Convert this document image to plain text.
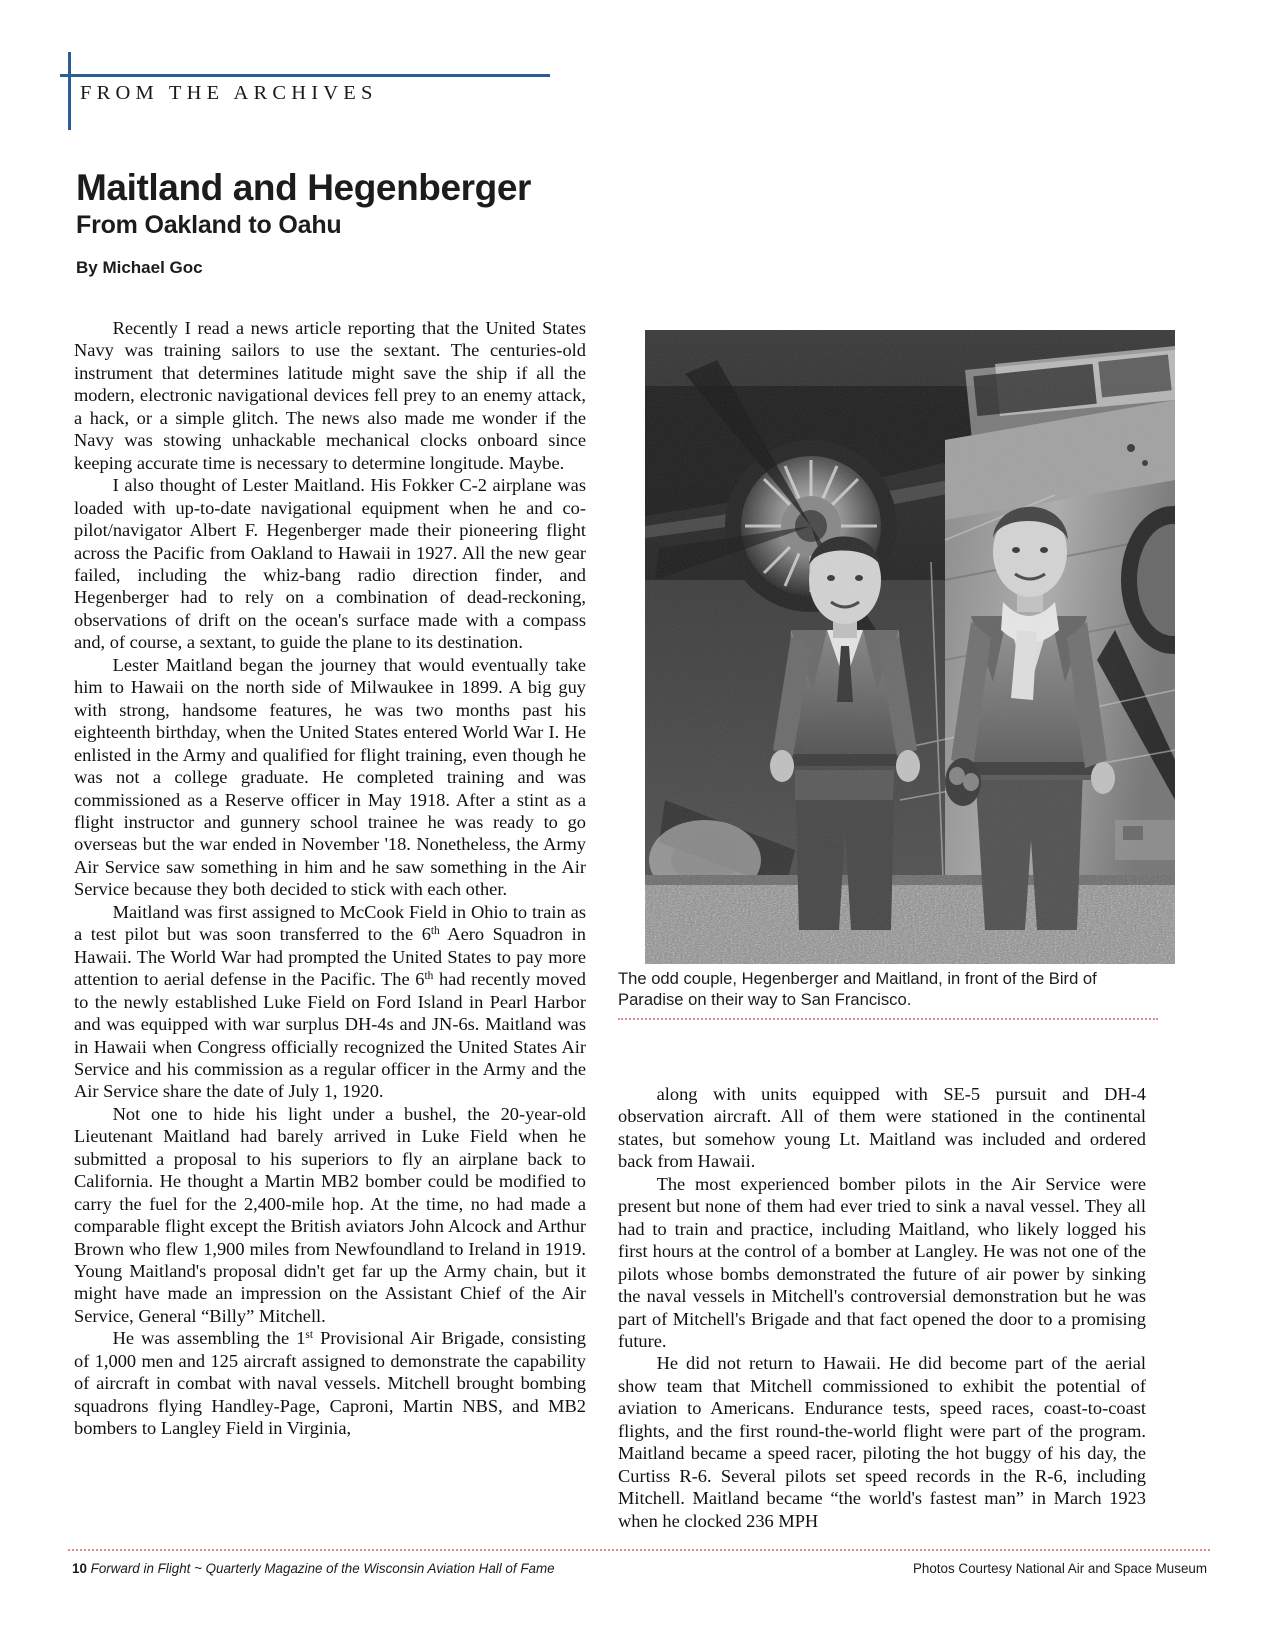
FROM THE ARCHIVES
Maitland and Hegenberger
From Oakland to Oahu
By Michael Goc
The odd couple, Hegenberger and Maitland, in front of the Bird of Paradise on their way to San Francisco.

Recently I read a news article reporting that the United States Navy was training sailors to use the sextant. The centuries-old instrument that determines latitude might save the ship if all the modern, electronic navigational devices fell prey to an enemy attack, a hack, or a simple glitch. The news also made me wonder if the Navy was stowing unhackable mechanical clocks onboard since keeping accurate time is necessary to determine longitude. Maybe.

I also thought of Lester Maitland. His Fokker C-2 airplane was loaded with up-to-date navigational equipment when he and co-pilot/navigator Albert F. Hegenberger made their pioneering flight across the Pacific from Oakland to Hawaii in 1927. All the new gear failed, including the whiz-bang radio direction finder, and Hegenberger had to rely on a combination of dead-reckoning, observations of drift on the ocean's surface made with a compass and, of course, a sextant, to guide the plane to its destination.

Lester Maitland began the journey that would eventually take him to Hawaii on the north side of Milwaukee in 1899. A big guy with strong, handsome features, he was two months past his eighteenth birthday, when the United States entered World War I. He enlisted in the Army and qualified for flight training, even though he was not a college graduate. He completed training and was commissioned as a Reserve officer in May 1918. After a stint as a flight instructor and gunnery school trainee he was ready to go overseas but the war ended in November '18. Nonetheless, the Army Air Service saw something in him and he saw something in the Air Service because they both decided to stick with each other.

Maitland was first assigned to McCook Field in Ohio to train as a test pilot but was soon transferred to the 6th Aero Squadron in Hawaii. The World War had prompted the United States to pay more attention to aerial defense in the Pacific. The 6th had recently moved to the newly established Luke Field on Ford Island in Pearl Harbor and was equipped with war surplus DH-4s and JN-6s. Maitland was in Hawaii when Congress officially recognized the United States Air Service and his commission as a regular officer in the Army and the Air Service share the date of July 1, 1920.

Not one to hide his light under a bushel, the 20-year-old Lieutenant Maitland had barely arrived in Luke Field when he submitted a proposal to his superiors to fly an airplane back to California. He thought a Martin MB2 bomber could be modified to carry the fuel for the 2,400-mile hop. At the time, no had made a comparable flight except the British aviators John Alcock and Arthur Brown who flew 1,900 miles from Newfoundland to Ireland in 1919. Young Maitland's proposal didn't get far up the Army chain, but it might have made an impression on the Assistant Chief of the Air Service, General “Billy” Mitchell.

He was assembling the 1st Provisional Air Brigade, consisting of 1,000 men and 125 aircraft assigned to demonstrate the capability of aircraft in combat with naval vessels. Mitchell brought bombing squadrons flying Handley-Page, Caproni, Martin NBS, and MB2 bombers to Langley Field in Virginia,

along with units equipped with SE-5 pursuit and DH-4 observation aircraft. All of them were stationed in the continental states, but somehow young Lt. Maitland was included and ordered back from Hawaii.

The most experienced bomber pilots in the Air Service were present but none of them had ever tried to sink a naval vessel. They all had to train and practice, including Maitland, who likely logged his first hours at the control of a bomber at Langley. He was not one of the pilots whose bombs demonstrated the future of air power by sinking the naval vessels in Mitchell's controversial demonstration but he was part of Mitchell's Brigade and that fact opened the door to a promising future.

He did not return to Hawaii. He did become part of the aerial show team that Mitchell commissioned to exhibit the potential of aviation to Americans. Endurance tests, speed races, coast-to-coast flights, and the first round-the-world flight were part of the program. Maitland became a speed racer, piloting the hot buggy of his day, the Curtiss R-6. Several pilots set speed records in the R-6, including Mitchell. Maitland became “the world's fastest man” in March 1923 when he clocked 236 MPH

10 Forward in Flight ~ Quarterly Magazine of the Wisconsin Aviation Hall of Fame	Photos Courtesy National Air and Space Museum
